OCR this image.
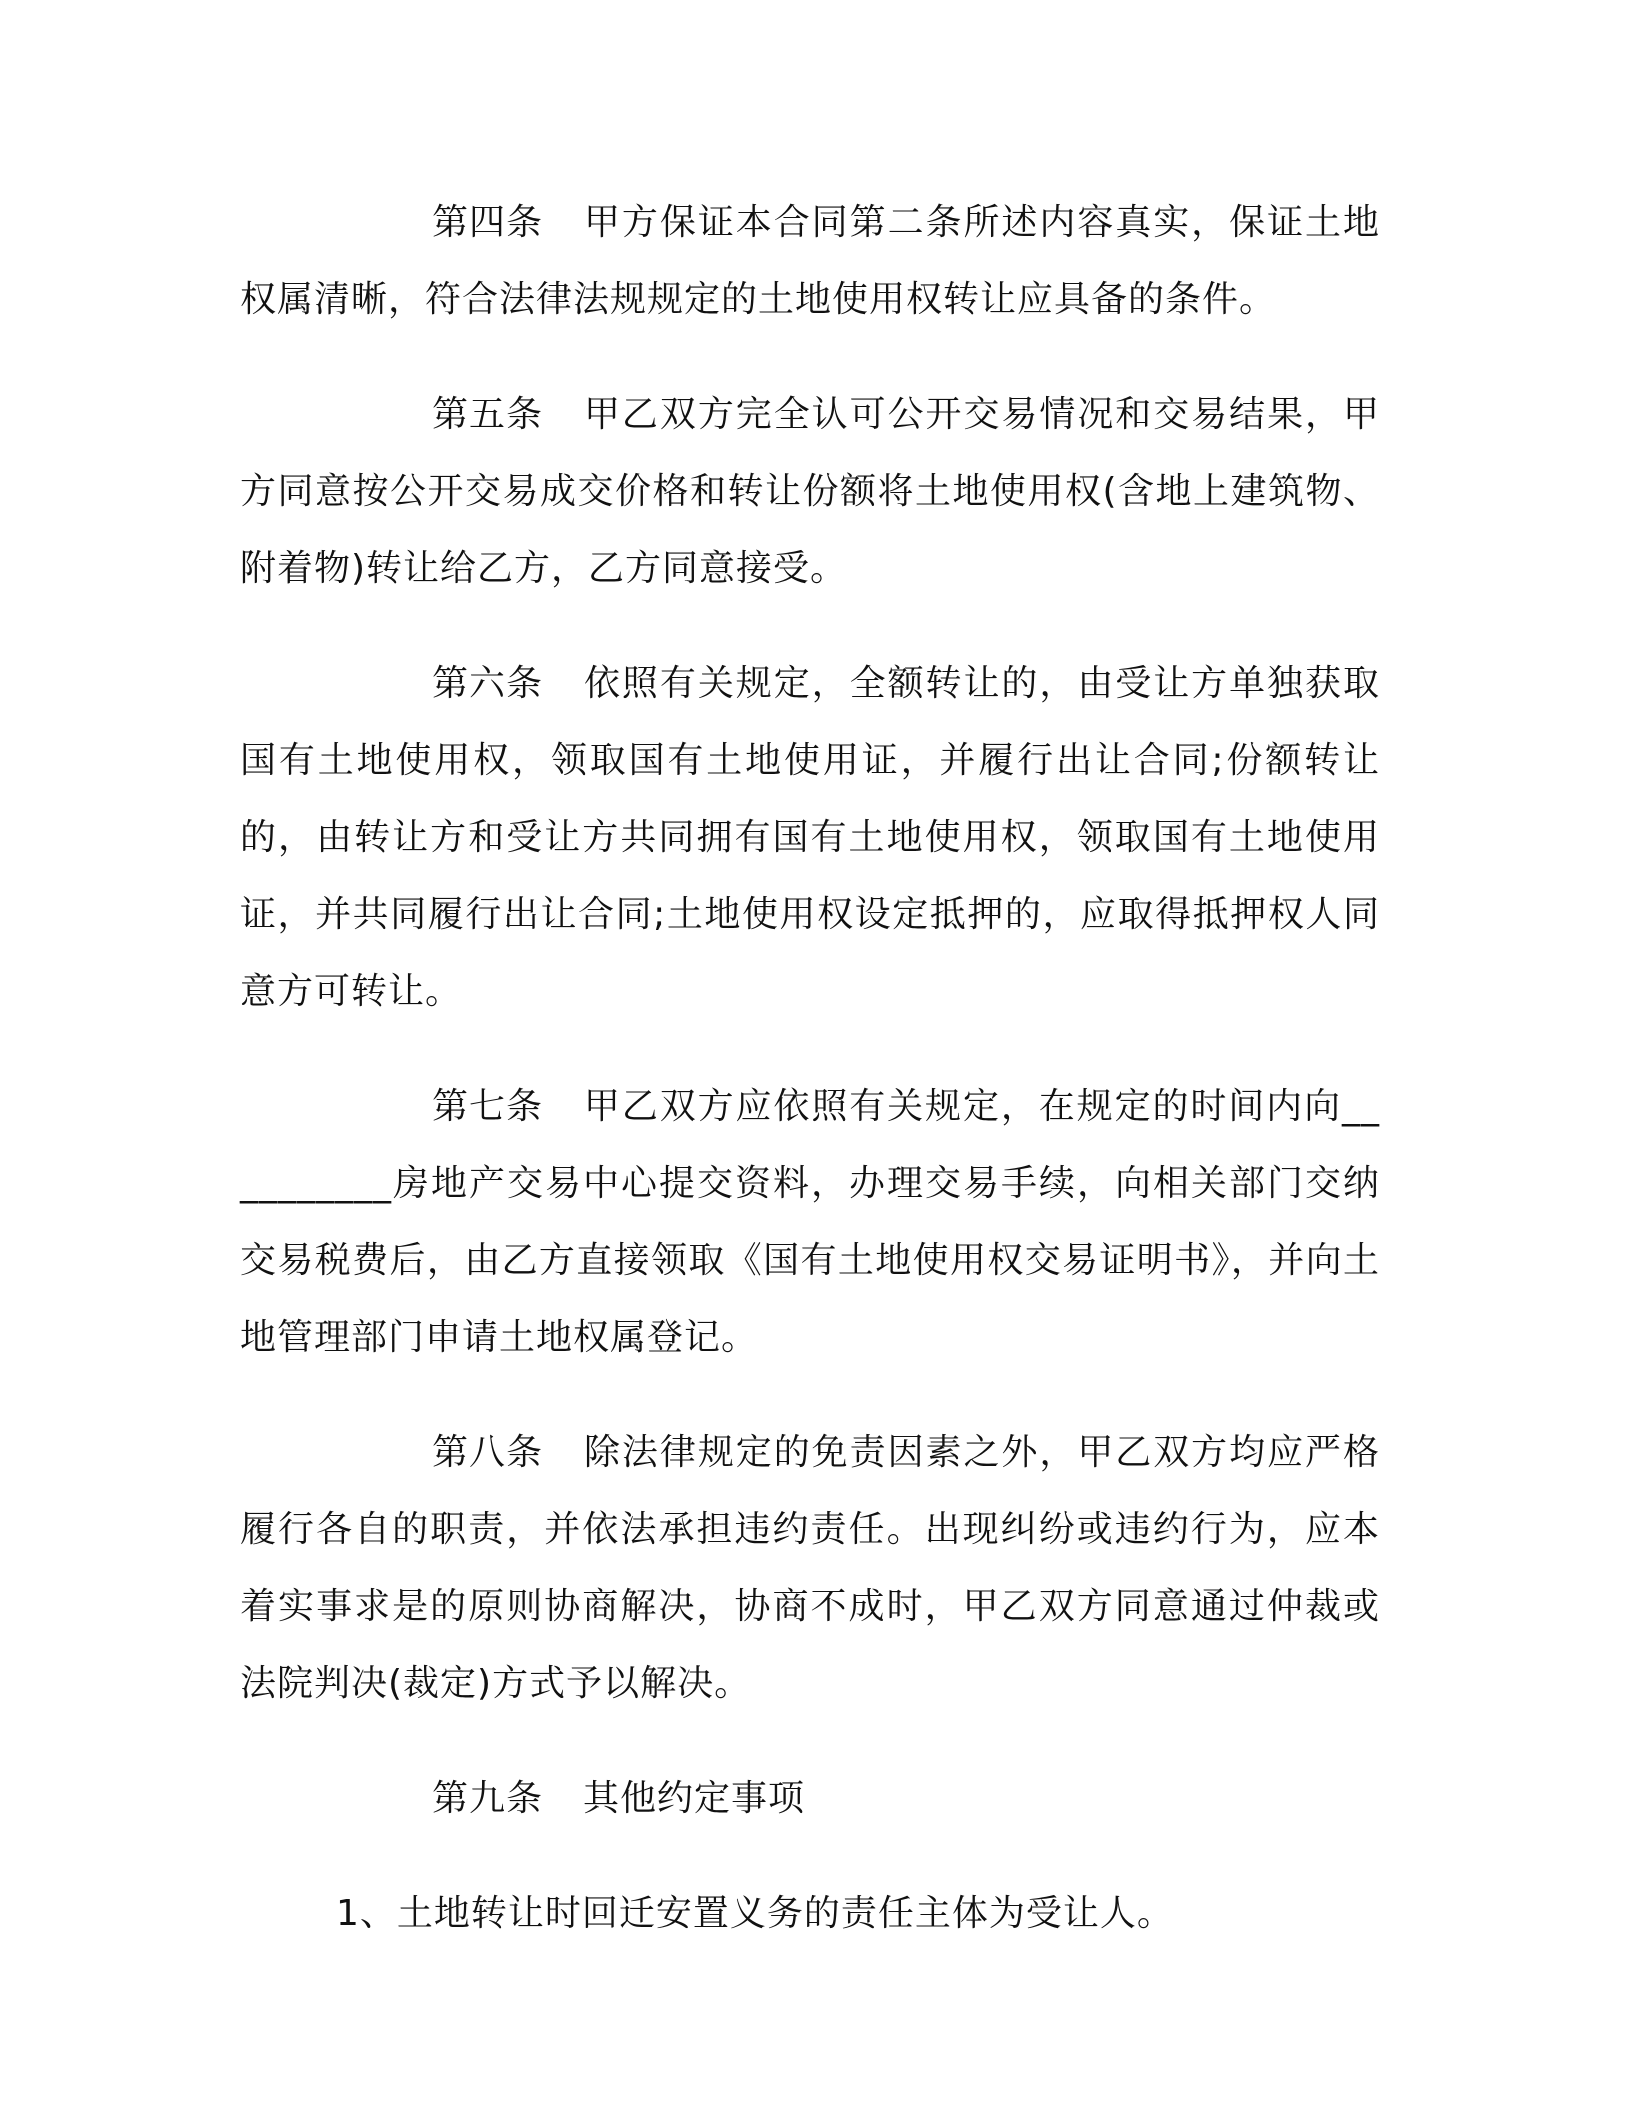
第四条 甲方保证本合同第二条所述内容真实，保证土地权属清晰，符合法律法规规定的土地使用权转让应具备的条件。

第五条 甲乙双方完全认可公开交易情况和交易结果，甲方同意按公开交易成交价格和转让份额将土地使用权(含地上建筑物、附着物)转让给乙方，乙方同意接受。

第六条 依照有关规定，全额转让的，由受让方单独获取国有土地使用权，领取国有土地使用证，并履行出让合同;份额转让的，由转让方和受让方共同拥有国有土地使用权，领取国有土地使用证，并共同履行出让合同;土地使用权设定抵押的，应取得抵押权人同意方可转让。

第七条 甲乙双方应依照有关规定，在规定的时间内向__________房地产交易中心提交资料，办理交易手续，向相关部门交纳交易税费后，由乙方直接领取《国有土地使用权交易证明书》，并向土地管理部门申请土地权属登记。

第八条 除法律规定的免责因素之外，甲乙双方均应严格履行各自的职责，并依法承担违约责任。出现纠纷或违约行为，应本着实事求是的原则协商解决，协商不成时，甲乙双方同意通过仲裁或法院判决(裁定)方式予以解决。

第九条 其他约定事项

1、土地转让时回迁安置义务的责任主体为受让人。
